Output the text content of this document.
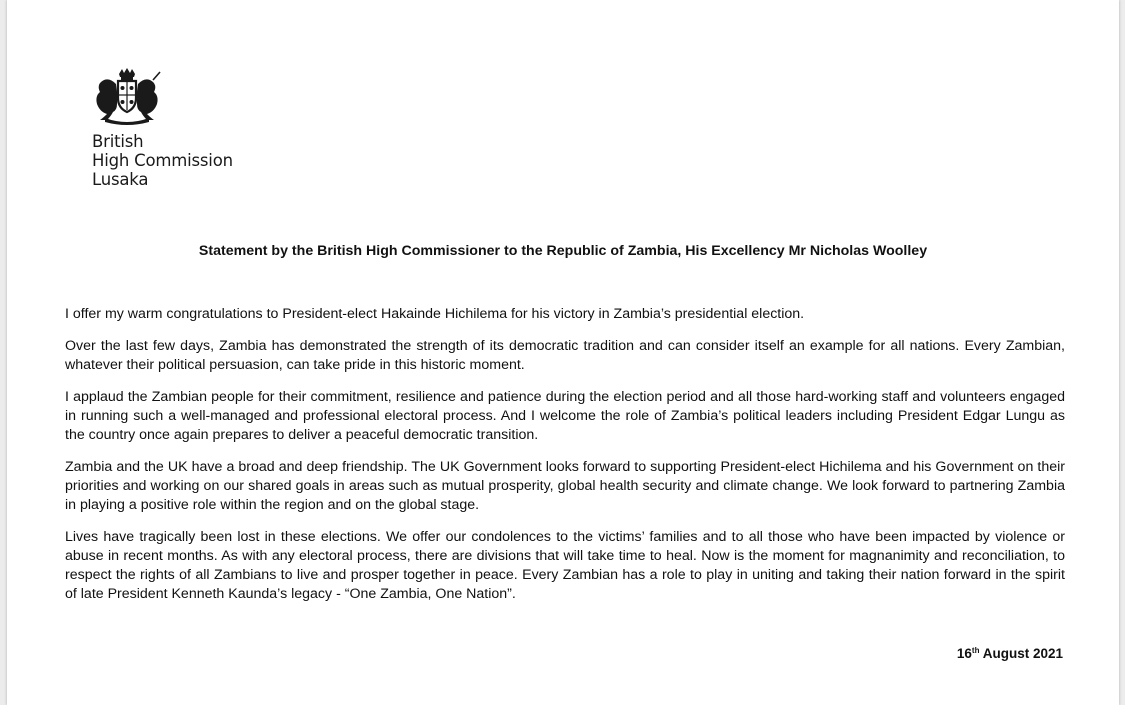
British
High Commission
Lusaka
Statement by the British High Commissioner to the Republic of Zambia, His Excellency Mr Nicholas Woolley

I offer my warm congratulations to President-elect Hakainde Hichilema for his victory in Zambia’s presidential election.

Over the last few days, Zambia has demonstrated the strength of its democratic tradition and can consider itself an example for all nations. Every Zambian, whatever their political persuasion, can take pride in this historic moment.

I applaud the Zambian people for their commitment, resilience and patience during the election period and all those hard-working staff and volunteers engaged in running such a well-managed and professional electoral process. And I welcome the role of Zambia’s political leaders including President Edgar Lungu as the country once again prepares to deliver a peaceful democratic transition.

Zambia and the UK have a broad and deep friendship. The UK Government looks forward to supporting President-elect Hichilema and his Government on their priorities and working on our shared goals in areas such as mutual prosperity, global health security and climate change. We look forward to partnering Zambia in playing a positive role within the region and on the global stage.

Lives have tragically been lost in these elections. We offer our condolences to the victims’ families and to all those who have been impacted by violence or abuse in recent months. As with any electoral process, there are divisions that will take time to heal. Now is the moment for magnanimity and reconciliation, to respect the rights of all Zambians to live and prosper together in peace. Every Zambian has a role to play in uniting and taking their nation forward in the spirit of late President Kenneth Kaunda’s legacy - “One Zambia, One Nation”.

16th August 2021
